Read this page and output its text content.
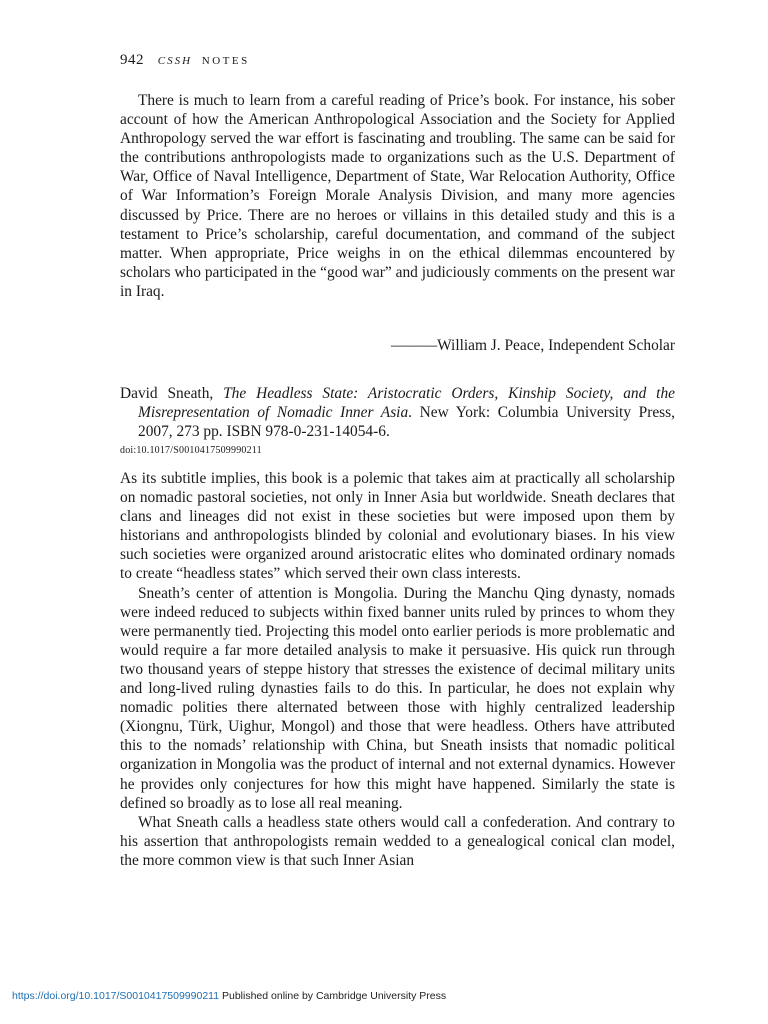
942 CSSH NOTES

There is much to learn from a careful reading of Price’s book. For instance, his sober account of how the American Anthropological Association and the Society for Applied Anthropology served the war effort is fascinating and troubling. The same can be said for the contributions anthropologists made to organizations such as the U.S. Department of War, Office of Naval Intelligence, Department of State, War Relocation Authority, Office of War Information’s Foreign Morale Analysis Division, and many more agencies discussed by Price. There are no heroes or villains in this detailed study and this is a testament to Price’s scholarship, careful documentation, and command of the subject matter. When appropriate, Price weighs in on the ethical dilemmas encountered by scholars who participated in the “good war” and judiciously comments on the present war in Iraq.

———William J. Peace, Independent Scholar

David Sneath, The Headless State: Aristocratic Orders, Kinship Society, and the Misrepresentation of Nomadic Inner Asia. New York: Columbia University Press, 2007, 273 pp. ISBN 978-0-231-14054-6.

doi:10.1017/S0010417509990211

As its subtitle implies, this book is a polemic that takes aim at practically all scholarship on nomadic pastoral societies, not only in Inner Asia but worldwide. Sneath declares that clans and lineages did not exist in these societies but were imposed upon them by historians and anthropologists blinded by colonial and evolutionary biases. In his view such societies were organized around aristocratic elites who dominated ordinary nomads to create “headless states” which served their own class interests.

Sneath’s center of attention is Mongolia. During the Manchu Qing dynasty, nomads were indeed reduced to subjects within fixed banner units ruled by princes to whom they were permanently tied. Projecting this model onto earlier periods is more problematic and would require a far more detailed analysis to make it persuasive. His quick run through two thousand years of steppe history that stresses the existence of decimal military units and long-lived ruling dynasties fails to do this. In particular, he does not explain why nomadic polities there alternated between those with highly centralized leadership (Xiongnu, Türk, Uighur, Mongol) and those that were headless. Others have attributed this to the nomads’ relationship with China, but Sneath insists that nomadic political organization in Mongolia was the product of internal and not external dynamics. However he provides only conjectures for how this might have happened. Similarly the state is defined so broadly as to lose all real meaning.

What Sneath calls a headless state others would call a confederation. And contrary to his assertion that anthropologists remain wedded to a genealogical conical clan model, the more common view is that such Inner Asian

https://doi.org/10.1017/S0010417509990211 Published online by Cambridge University Press
